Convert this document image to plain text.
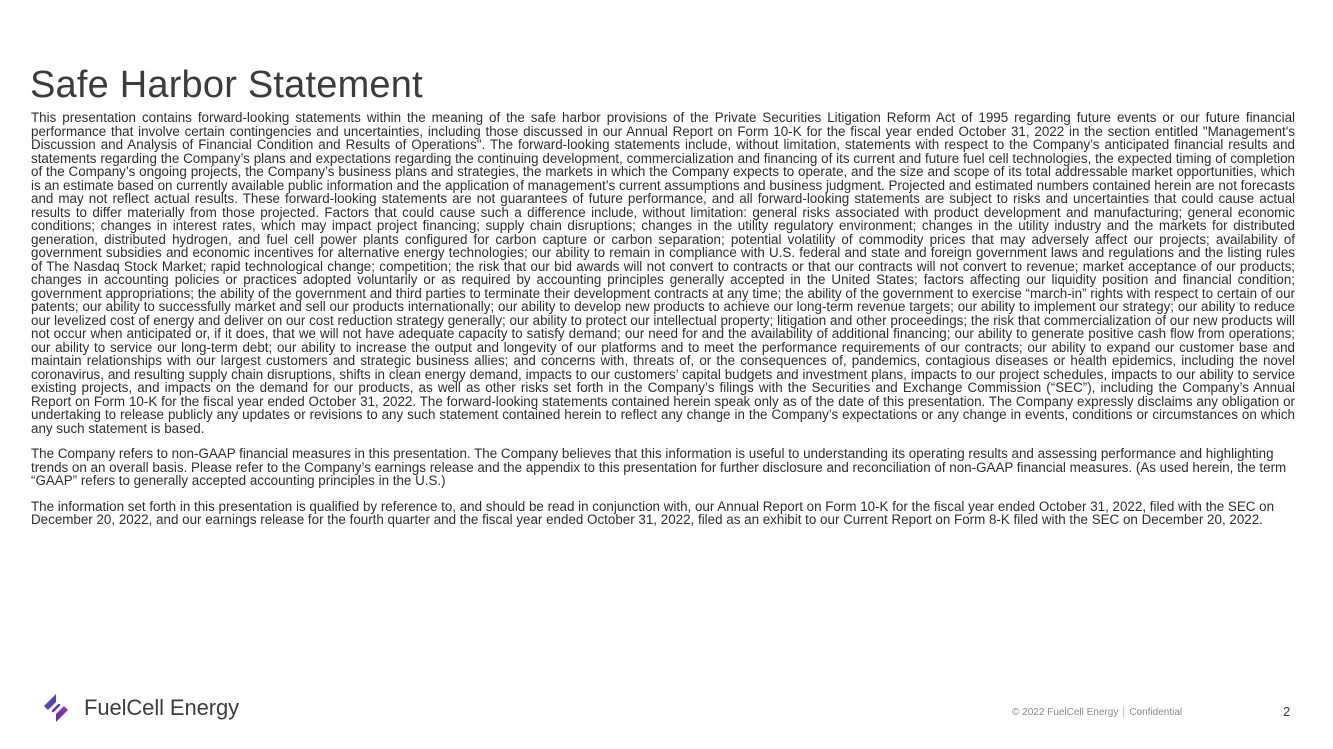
Safe Harbor Statement

This presentation contains forward-looking statements within the meaning of the safe harbor provisions of the Private Securities Litigation Reform Act of 1995 regarding future events or our future financial performance that involve certain contingencies and uncertainties, including those discussed in our Annual Report on Form 10-K for the fiscal year ended October 31, 2022 in the section entitled "Management's Discussion and Analysis of Financial Condition and Results of Operations". The forward-looking statements include, without limitation, statements with respect to the Company’s anticipated financial results and statements regarding the Company’s plans and expectations regarding the continuing development, commercialization and financing of its current and future fuel cell technologies, the expected timing of completion of the Company’s ongoing projects, the Company’s business plans and strategies, the markets in which the Company expects to operate, and the size and scope of its total addressable market opportunities, which is an estimate based on currently available public information and the application of management’s current assumptions and business judgment. Projected and estimated numbers contained herein are not forecasts and may not reflect actual results. These forward-looking statements are not guarantees of future performance, and all forward-looking statements are subject to risks and uncertainties that could cause actual results to differ materially from those projected. Factors that could cause such a difference include, without limitation: general risks associated with product development and manufacturing; general economic conditions; changes in interest rates, which may impact project financing; supply chain disruptions; changes in the utility regulatory environment; changes in the utility industry and the markets for distributed generation, distributed hydrogen, and fuel cell power plants configured for carbon capture or carbon separation; potential volatility of commodity prices that may adversely affect our projects; availability of government subsidies and economic incentives for alternative energy technologies; our ability to remain in compliance with U.S. federal and state and foreign government laws and regulations and the listing rules of The Nasdaq Stock Market; rapid technological change; competition; the risk that our bid awards will not convert to contracts or that our contracts will not convert to revenue; market acceptance of our products; changes in accounting policies or practices adopted voluntarily or as required by accounting principles generally accepted in the United States; factors affecting our liquidity position and financial condition; government appropriations; the ability of the government and third parties to terminate their development contracts at any time; the ability of the government to exercise “march-in” rights with respect to certain of our patents; our ability to successfully market and sell our products internationally; our ability to develop new products to achieve our long-term revenue targets; our ability to implement our strategy; our ability to reduce our levelized cost of energy and deliver on our cost reduction strategy generally; our ability to protect our intellectual property; litigation and other proceedings; the risk that commercialization of our new products will not occur when anticipated or, if it does, that we will not have adequate capacity to satisfy demand; our need for and the availability of additional financing; our ability to generate positive cash flow from operations; our ability to service our long-term debt; our ability to increase the output and longevity of our platforms and to meet the performance requirements of our contracts; our ability to expand our customer base and maintain relationships with our largest customers and strategic business allies; and concerns with, threats of, or the consequences of, pandemics, contagious diseases or health epidemics, including the novel coronavirus, and resulting supply chain disruptions, shifts in clean energy demand, impacts to our customers’ capital budgets and investment plans, impacts to our project schedules, impacts to our ability to service existing projects, and impacts on the demand for our products, as well as other risks set forth in the Company’s filings with the Securities and Exchange Commission (“SEC”), including the Company’s Annual Report on Form 10-K for the fiscal year ended October 31, 2022. The forward-looking statements contained herein speak only as of the date of this presentation. The Company expressly disclaims any obligation or undertaking to release publicly any updates or revisions to any such statement contained herein to reflect any change in the Company’s expectations or any change in events, conditions or circumstances on which any such statement is based.

The Company refers to non-GAAP financial measures in this presentation. The Company believes that this information is useful to understanding its operating results and assessing performance and highlighting trends on an overall basis. Please refer to the Company’s earnings release and the appendix to this presentation for further disclosure and reconciliation of non-GAAP financial measures. (As used herein, the term “GAAP” refers to generally accepted accounting principles in the U.S.)

The information set forth in this presentation is qualified by reference to, and should be read in conjunction with, our Annual Report on Form 10-K for the fiscal year ended October 31, 2022, filed with the SEC on December 20, 2022, and our earnings release for the fourth quarter and the fiscal year ended October 31, 2022, filed as an exhibit to our Current Report on Form 8-K filed with the SEC on December 20, 2022.

FuelCell Energy	© 2022 FuelCell Energy Confidential	2
